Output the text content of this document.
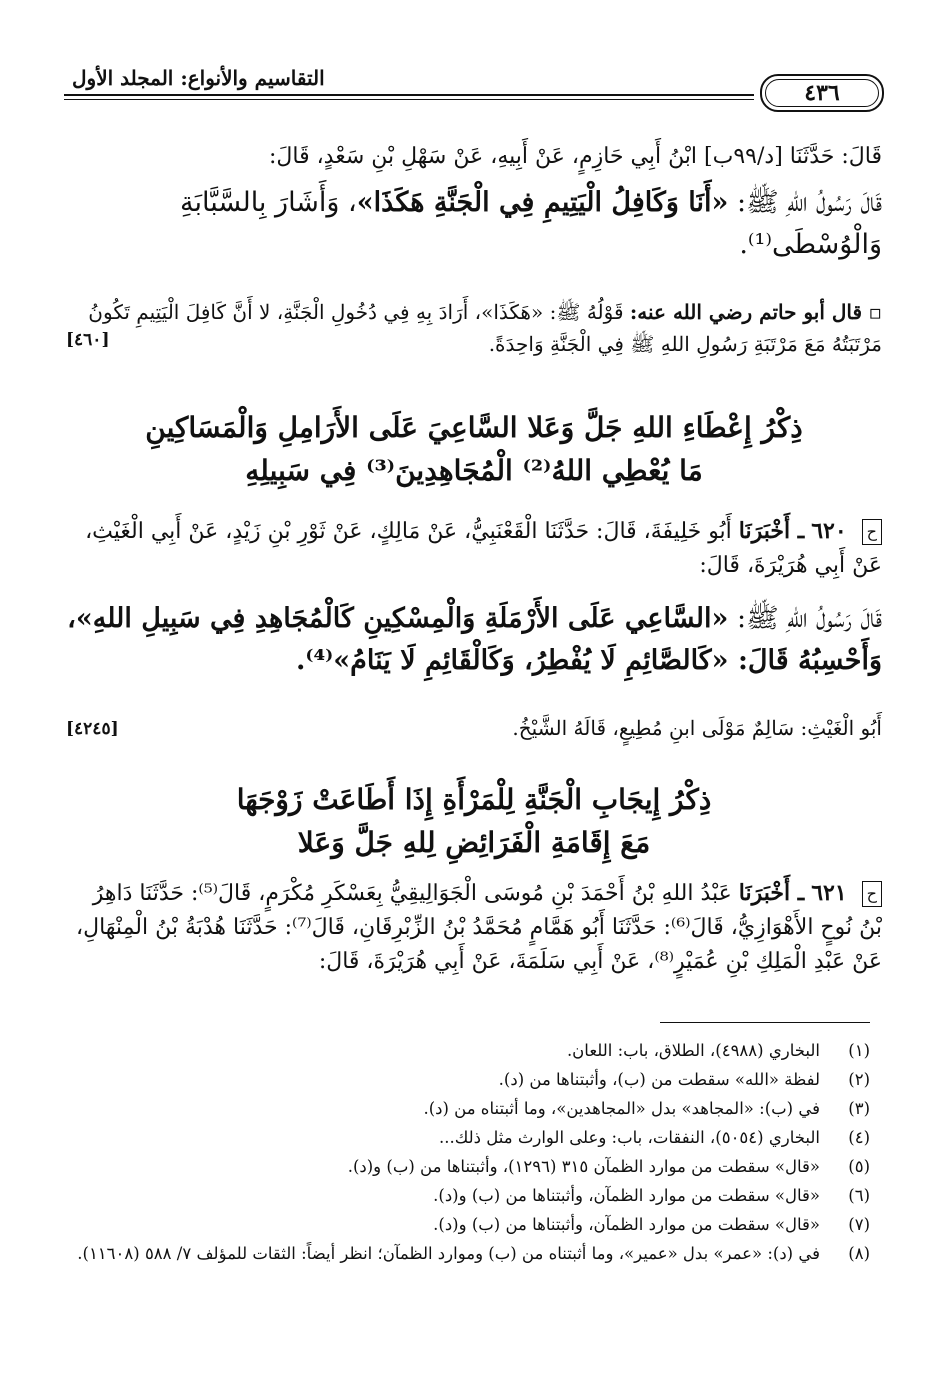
٤٣٦
التقاسيم والأنواع: المجلد الأول
قَالَ: حَدَّثَنَا [د/٩٩ب] ابْنُ أَبِي حَازِمٍ، عَنْ أَبِيهِ، عَنْ سَهْلِ بْنِ سَعْدٍ، قَالَ:
قَالَ رَسُولُ اللهِ ﷺ: «أَنَا وَكَافِلُ الْيَتِيمِ فِي الْجَنَّةِ هَكَذَا»، وَأَشَارَ بِالسَّبَّابَةِ وَالْوُسْطَى⁽¹⁾.
▫ قال أبو حاتم رضي الله عنه: قَوْلُهُ ﷺ: «هَكَذَا»، أَرَادَ بِهِ فِي دُخُولِ الْجَنَّةِ، لا أَنَّ كَافِلَ الْيَتِيمِ تَكُونُ مَرْتَبَتُهُ مَعَ مَرْتَبَةِ رَسُولِ اللهِ ﷺ فِي الْجَنَّةِ وَاحِدَةً.
[٤٦٠]
ذِكْرُ إِعْطَاءِ اللهِ جَلَّ وَعَلا السَّاعِيَ عَلَى الأَرَامِلِ وَالْمَسَاكِينِ
مَا يُعْطِي اللهُ⁽²⁾ الْمُجَاهِدِينَ⁽³⁾ فِي سَبِيلِهِ
ح ٦٢٠ ـ أَخْبَرَنَا أَبُو خَلِيفَةَ، قَالَ: حَدَّثَنَا الْقَعْنَبِيُّ، عَنْ مَالِكٍ، عَنْ ثَوْرِ بْنِ زَيْدٍ، عَنْ أَبِي الْغَيْثِ، عَنْ أَبِي هُرَيْرَةَ، قَالَ:
قَالَ رَسُولُ اللهِ ﷺ: «السَّاعِي عَلَى الأَرْمَلَةِ وَالْمِسْكِينِ كَالْمُجَاهِدِ فِي سَبِيلِ اللهِ»، وَأَحْسِبُهُ قَالَ: «كَالصَّائِمِ لَا يُفْطِرُ، وَكَالْقَائِمِ لَا يَنَامُ»⁽⁴⁾.
أَبُو الْغَيْثِ: سَالِمٌ مَوْلَى ابنِ مُطِيعٍ، قَالَهُ الشَّيْخُ.
[٤٢٤٥]
ذِكْرُ إِيجَابِ الْجَنَّةِ لِلْمَرْأَةِ إِذَا أَطَاعَتْ زَوْجَهَا
مَعَ إِقَامَةِ الْفَرَائِضِ لِلهِ جَلَّ وَعَلا
ح ٦٢١ ـ أَخْبَرَنَا عَبْدُ اللهِ بْنُ أَحْمَدَ بْنِ مُوسَى الْجَوَالِيقِيُّ بِعَسْكَرِ مُكْرَمٍ، قَالَ⁽⁵⁾: حَدَّثَنَا دَاهِرُ بْنُ نُوحٍ الأَهْوَازِيُّ، قَالَ⁽⁶⁾: حَدَّثَنَا أَبُو هَمَّامٍ مُحَمَّدُ بْنُ الزِّبْرِقَانِ، قَالَ⁽⁷⁾: حَدَّثَنَا هُدْبَةُ بْنُ الْمِنْهَالِ، عَنْ عَبْدِ الْمَلِكِ بْنِ عُمَيْرٍ⁽⁸⁾، عَنْ أَبِي سَلَمَةَ، عَنْ أَبِي هُرَيْرَةَ، قَالَ:
(١)
البخاري (٤٩٨٨)، الطلاق، باب: اللعان.
(٢)
لفظة «الله» سقطت من (ب)، وأثبتناها من (د).
(٣)
في (ب): «المجاهد» بدل «المجاهدين»، وما أثبتناه من (د).
(٤)
البخاري (٥٠٥٤)، النفقات، باب: وعلى الوارث مثل ذلك...
(٥)
«قال» سقطت من موارد الظمآن ٣١٥ (١٢٩٦)، وأثبتناها من (ب) و(د).
(٦)
«قال» سقطت من موارد الظمآن، وأثبتناها من (ب) و(د).
(٧)
«قال» سقطت من موارد الظمآن، وأثبتناها من (ب) و(د).
(٨)
في (د): «عمر» بدل «عمير»، وما أثبتناه من (ب) وموارد الظمآن؛ انظر أيضاً: الثقات للمؤلف ٧/ ٥٨٨ (١١٦٠٨).
